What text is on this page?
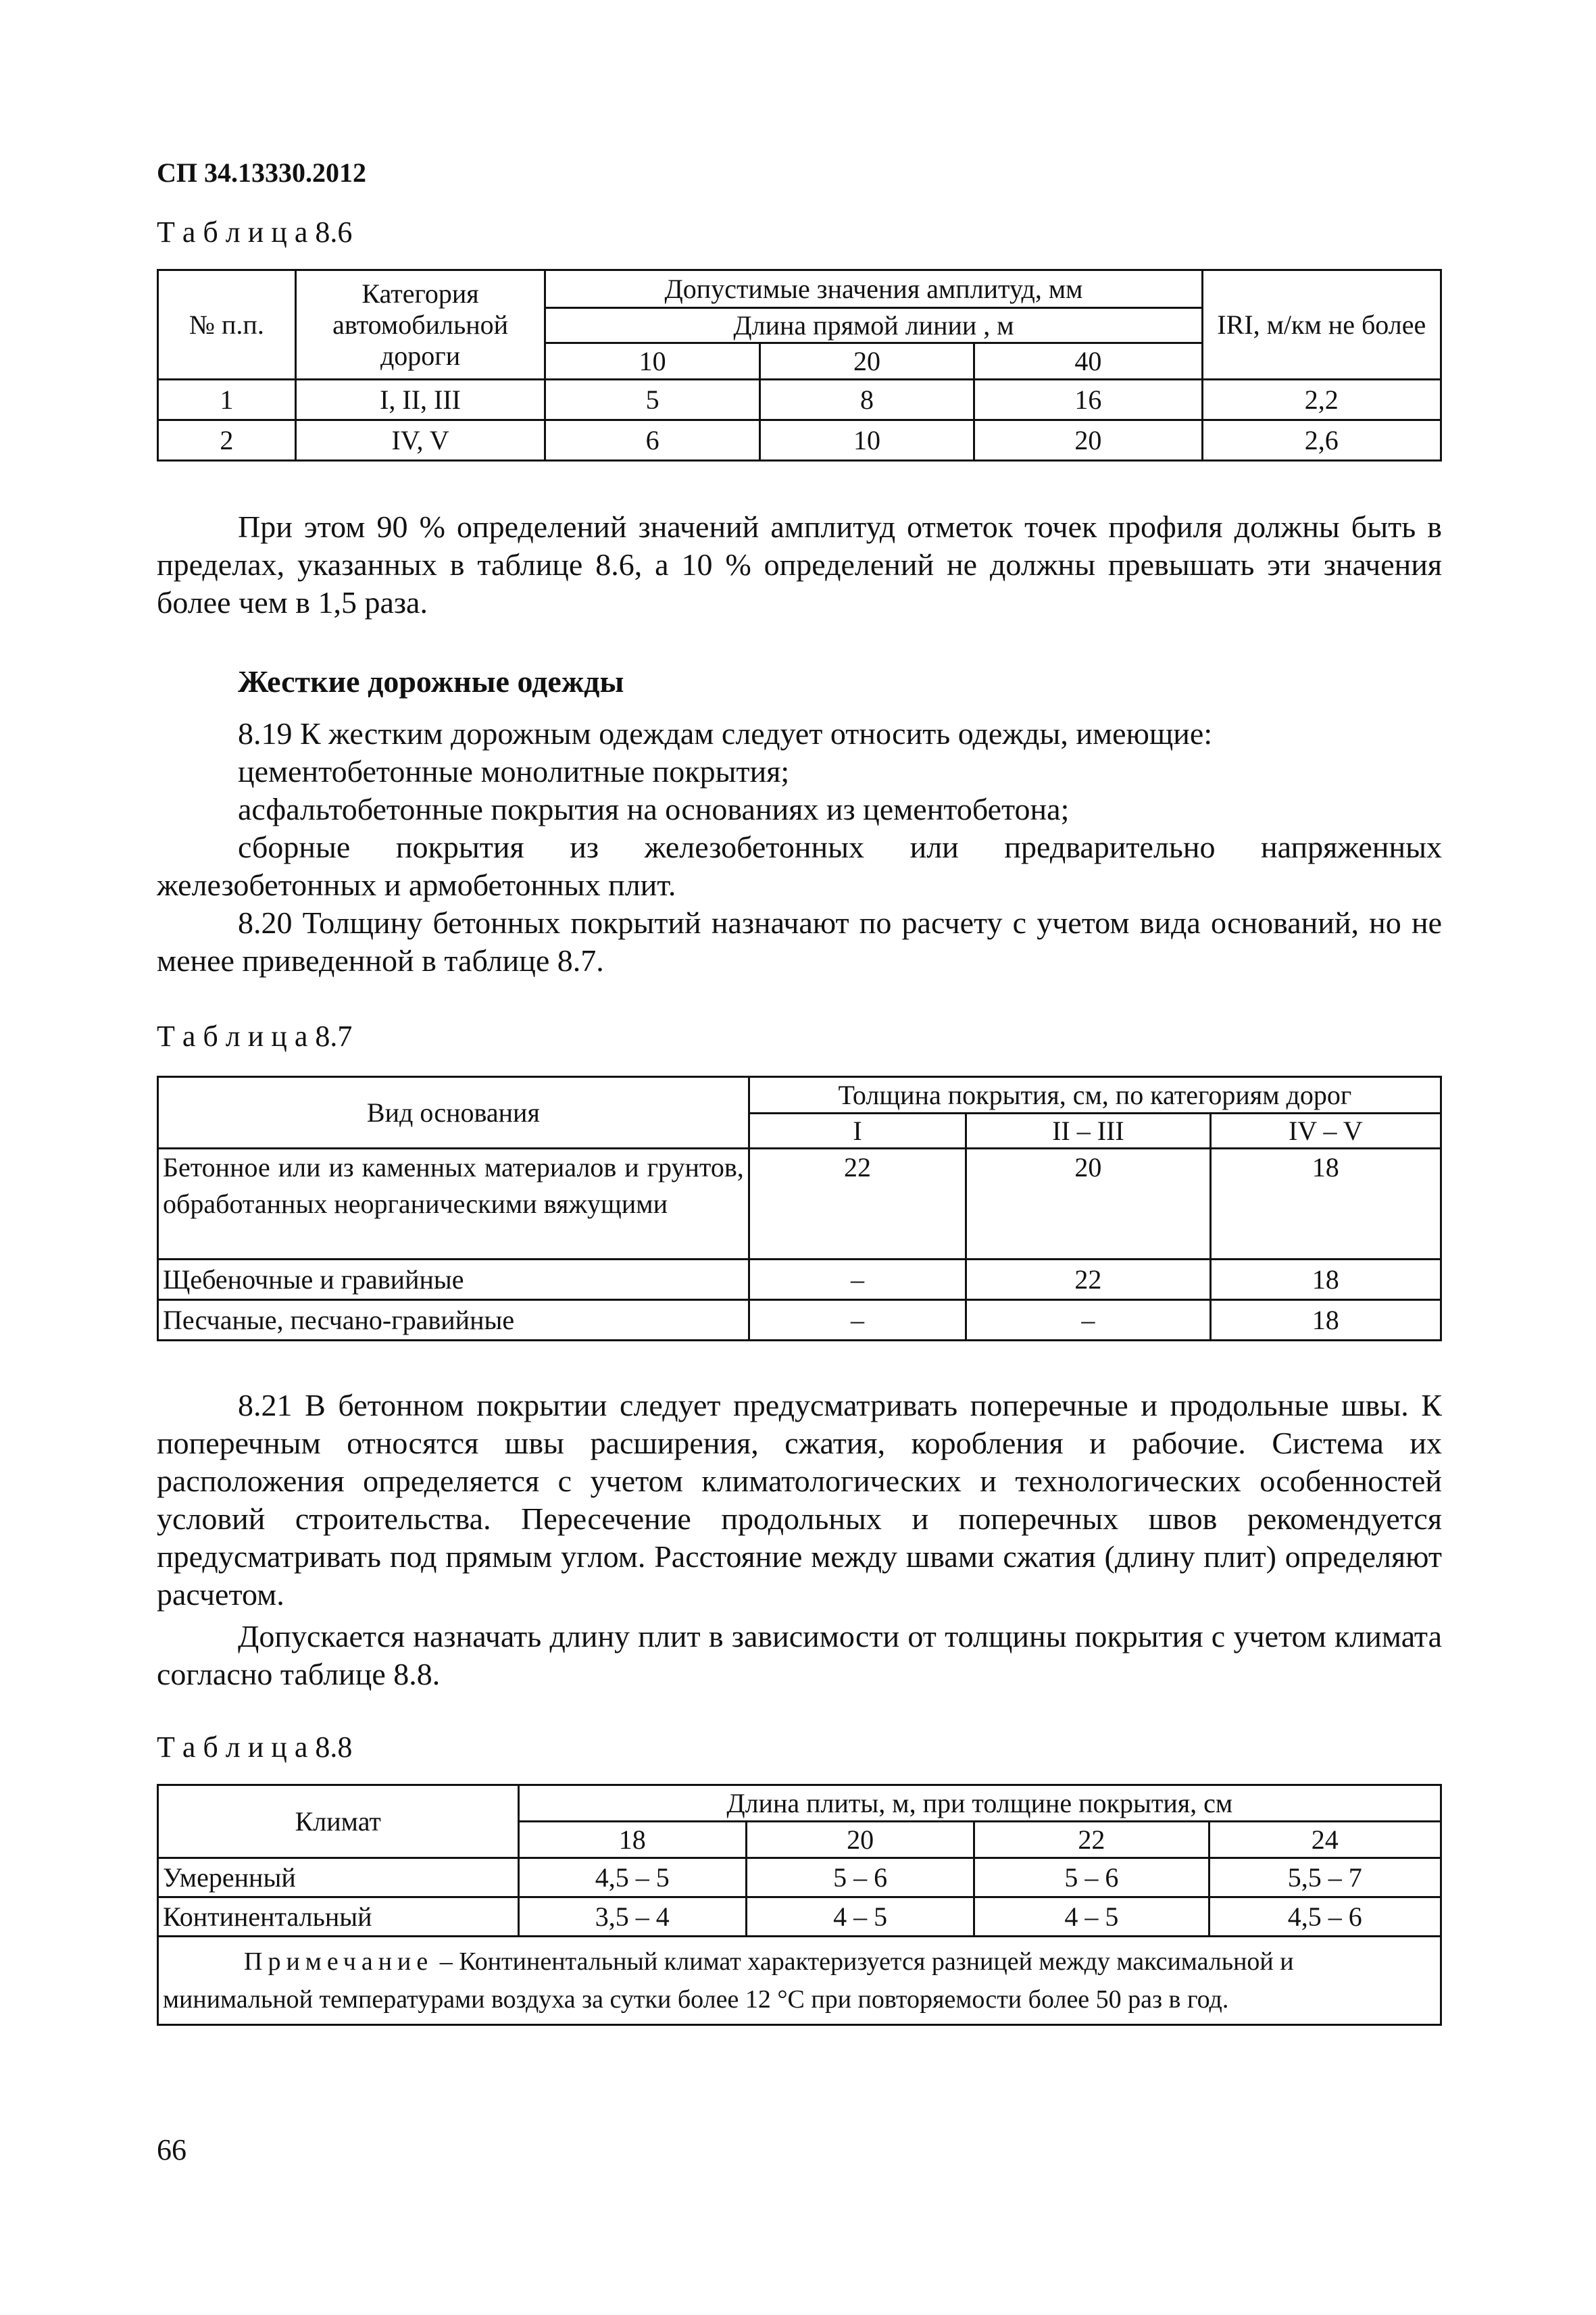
СП 34.13330.2012
Т а б л и ц а 8.6
№ п.п.	Категория автомобильной дороги	Допустимые значения амплитуд, мм			IRI, м/км не более
		Длина прямой линии , м			
		10	20	40	
1	I, II, III	5	8	16	2,2
2	IV, V	6	10	20	2,6
При этом 90 % определений значений амплитуд отметок точек профиля должны быть в пределах, указанных в таблице 8.6, а 10 % определений не должны превышать эти значения более чем в 1,5 раза.
Жесткие дорожные одежды
8.19 К жестким дорожным одеждам следует относить одежды, имеющие:
цементобетонные монолитные покрытия;
асфальтобетонные покрытия на основаниях из цементобетона;
сборные покрытия из железобетонных или предварительно напряженных железобетонных и армобетонных плит.
8.20 Толщину бетонных покрытий назначают по расчету с учетом вида оснований, но не менее приведенной в таблице 8.7.
Т а б л и ц а 8.7
Вид основания	Толщина покрытия, см, по категориям дорог		
	I	II – III	IV – V
Бетонное или из каменных материалов и грунтов, обработанных неорганическими вяжущими	22	20	18
Щебеночные и гравийные	–	22	18
Песчаные, песчано-гравийные	–	–	18
8.21 В бетонном покрытии следует предусматривать поперечные и продольные швы. К поперечным относятся швы расширения, сжатия, коробления и рабочие. Система их расположения определяется с учетом климатологических и технологических особенностей условий строительства. Пересечение продольных и поперечных швов рекомендуется предусматривать под прямым углом. Расстояние между швами сжатия (длину плит) определяют расчетом.
Допускается назначать длину плит в зависимости от толщины покрытия с учетом климата согласно таблице 8.8.
Т а б л и ц а 8.8
Климат	Длина плиты, м, при толщине покрытия, см			
	18	20	22	24
Умеренный	4,5 – 5	5 – 6	5 – 6	5,5 – 7
Континентальный	3,5 – 4	4 – 5	4 – 5	4,5 – 6
Примечание – Континентальный климат характеризуется разницей между максимальной и минимальной температурами воздуха за сутки более 12 °С при повторяемости более 50 раз в год.				
66
